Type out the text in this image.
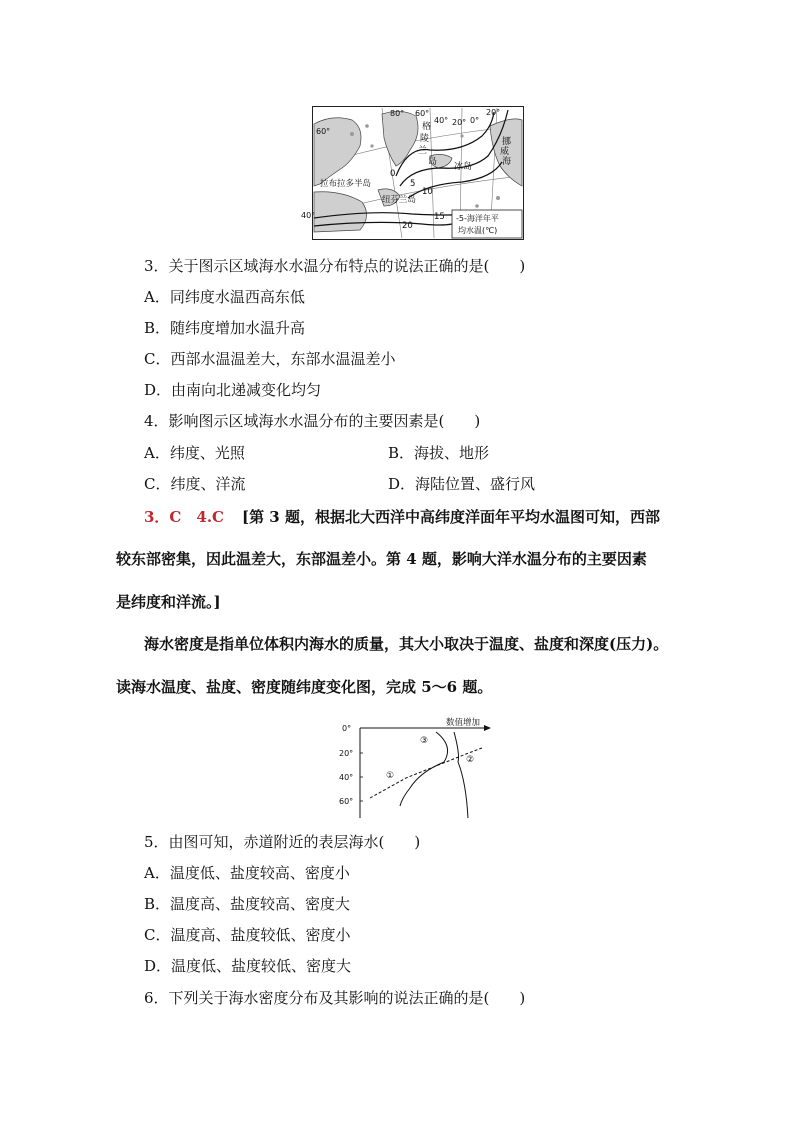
80° 60°
40° 20° 0°
20°
60°
40°
格
陵
兰
岛 冰岛
挪
威
海
拉布拉多半岛
纽芬兰岛
0
5
10
15
20
-5-海洋年平
均水温(℃)
3．关于图示区域海水水温分布特点的说法正确的是(　　)
A．同纬度水温西高东低
B．随纬度增加水温升高
C．西部水温温差大，东部水温温差小
D．由南向北递减变化均匀
4．影响图示区域海水水温分布的主要因素是(　　)
A．纬度、光照	B．海拔、地形
C．纬度、洋流	D．海陆位置、盛行风
3．C　4.C [第 3 题，根据北大西洋中高纬度洋面年平均水温图可知，西部
较东部密集，因此温差大，东部温差小。第 4 题，影响大洋水温分布的主要因素
是纬度和洋流。]
海水密度是指单位体积内海水的质量，其大小取决于温度、盐度和深度(压力)。
读海水温度、盐度、密度随纬度变化图，完成 5～6 题。
数值增加
0°
20°
40°
60°
①
②
③
5．由图可知，赤道附近的表层海水(　　)
A．温度低、盐度较高、密度小
B．温度高、盐度较高、密度大
C．温度高、盐度较低、密度小
D．温度低、盐度较低、密度大
6．下列关于海水密度分布及其影响的说法正确的是(　　)
